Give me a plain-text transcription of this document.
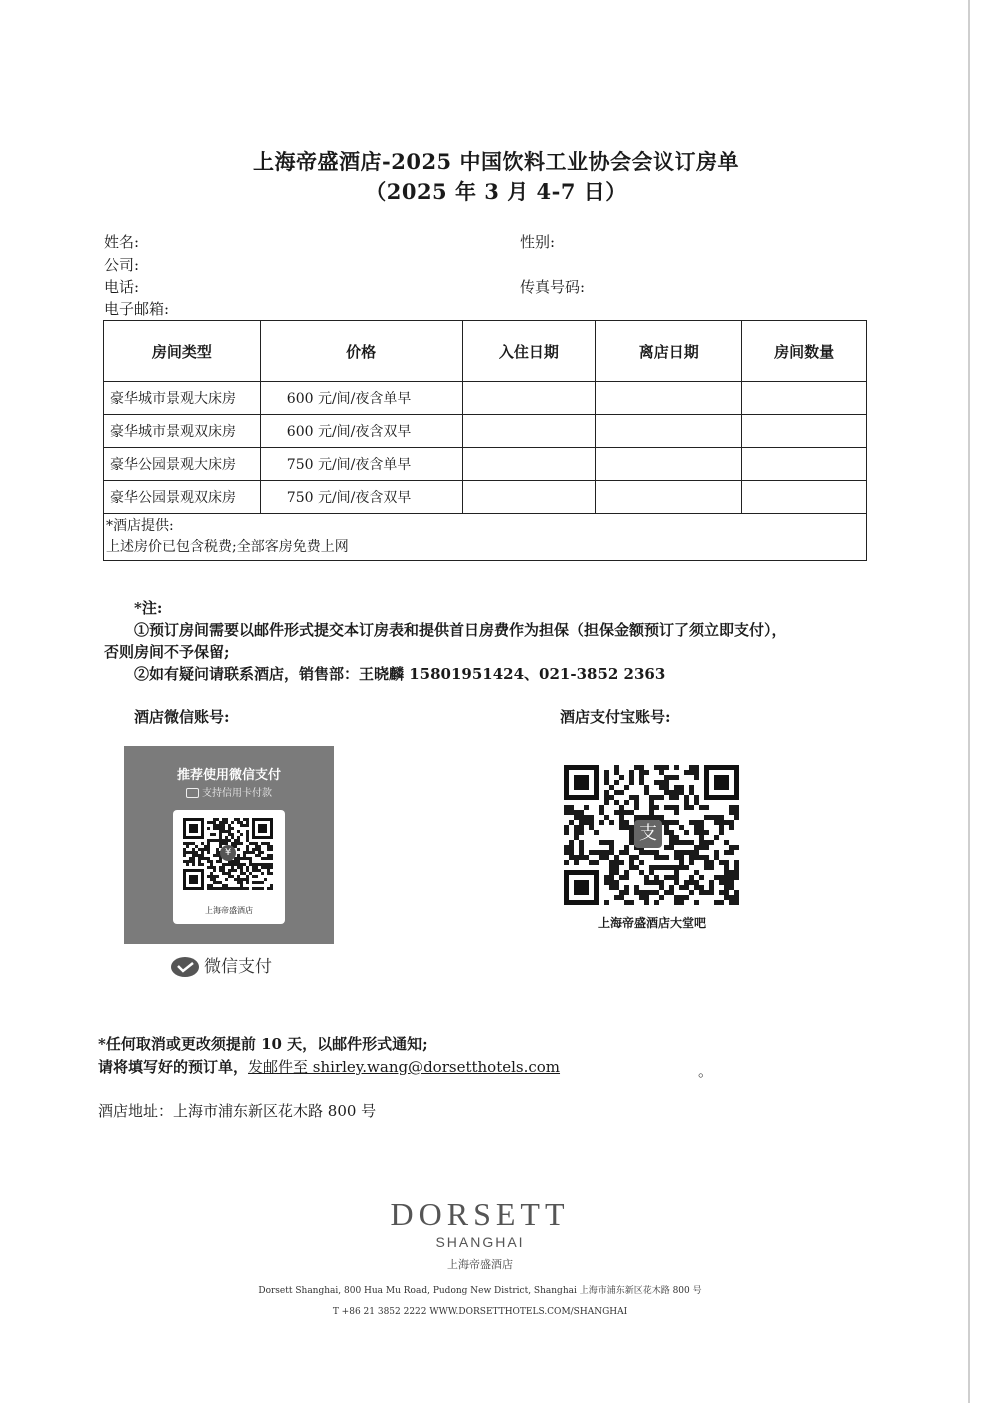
上海帝盛酒店-2025 中国饮料工业协会会议订房单
（2025 年 3 月 4-7 日）
姓名:	性别:
公司:
电话:	传真号码:
电子邮箱:
房间类型	价格	入住日期	离店日期	房间数量
豪华城市景观大床房	600 元/间/夜含单早			
豪华城市景观双床房	600 元/间/夜含双早			
豪华公园景观大床房	750 元/间/夜含单早			
豪华公园景观双床房	750 元/间/夜含双早			

*酒店提供:
上述房价已包含税费;全部客房免费上网				
*注:
①预订房间需要以邮件形式提交本订房表和提供首日房费作为担保（担保金额预订了须立即支付），
否则房间不予保留;
②如有疑问请联系酒店，销售部：王晓麟 15801951424、021-3852 2363
酒店微信账号:	酒店支付宝账号:
推荐使用微信支付
支持信用卡付款
¥
上海帝盛酒店
微信支付
支
上海帝盛酒店大堂吧
*任何取消或更改须提前 10 天，以邮件形式通知;
请将填写好的预订单，发邮件至 shirley.wang@dorsetthotels.com	。
酒店地址：上海市浦东新区花木路 800 号
DORSETT
SHANGHAI
上海帝盛酒店
Dorsett Shanghai, 800 Hua Mu Road, Pudong New District, Shanghai 上海市浦东新区花木路 800 号
T +86 21 3852 2222 WWW.DORSETTHOTELS.COM/SHANGHAI
